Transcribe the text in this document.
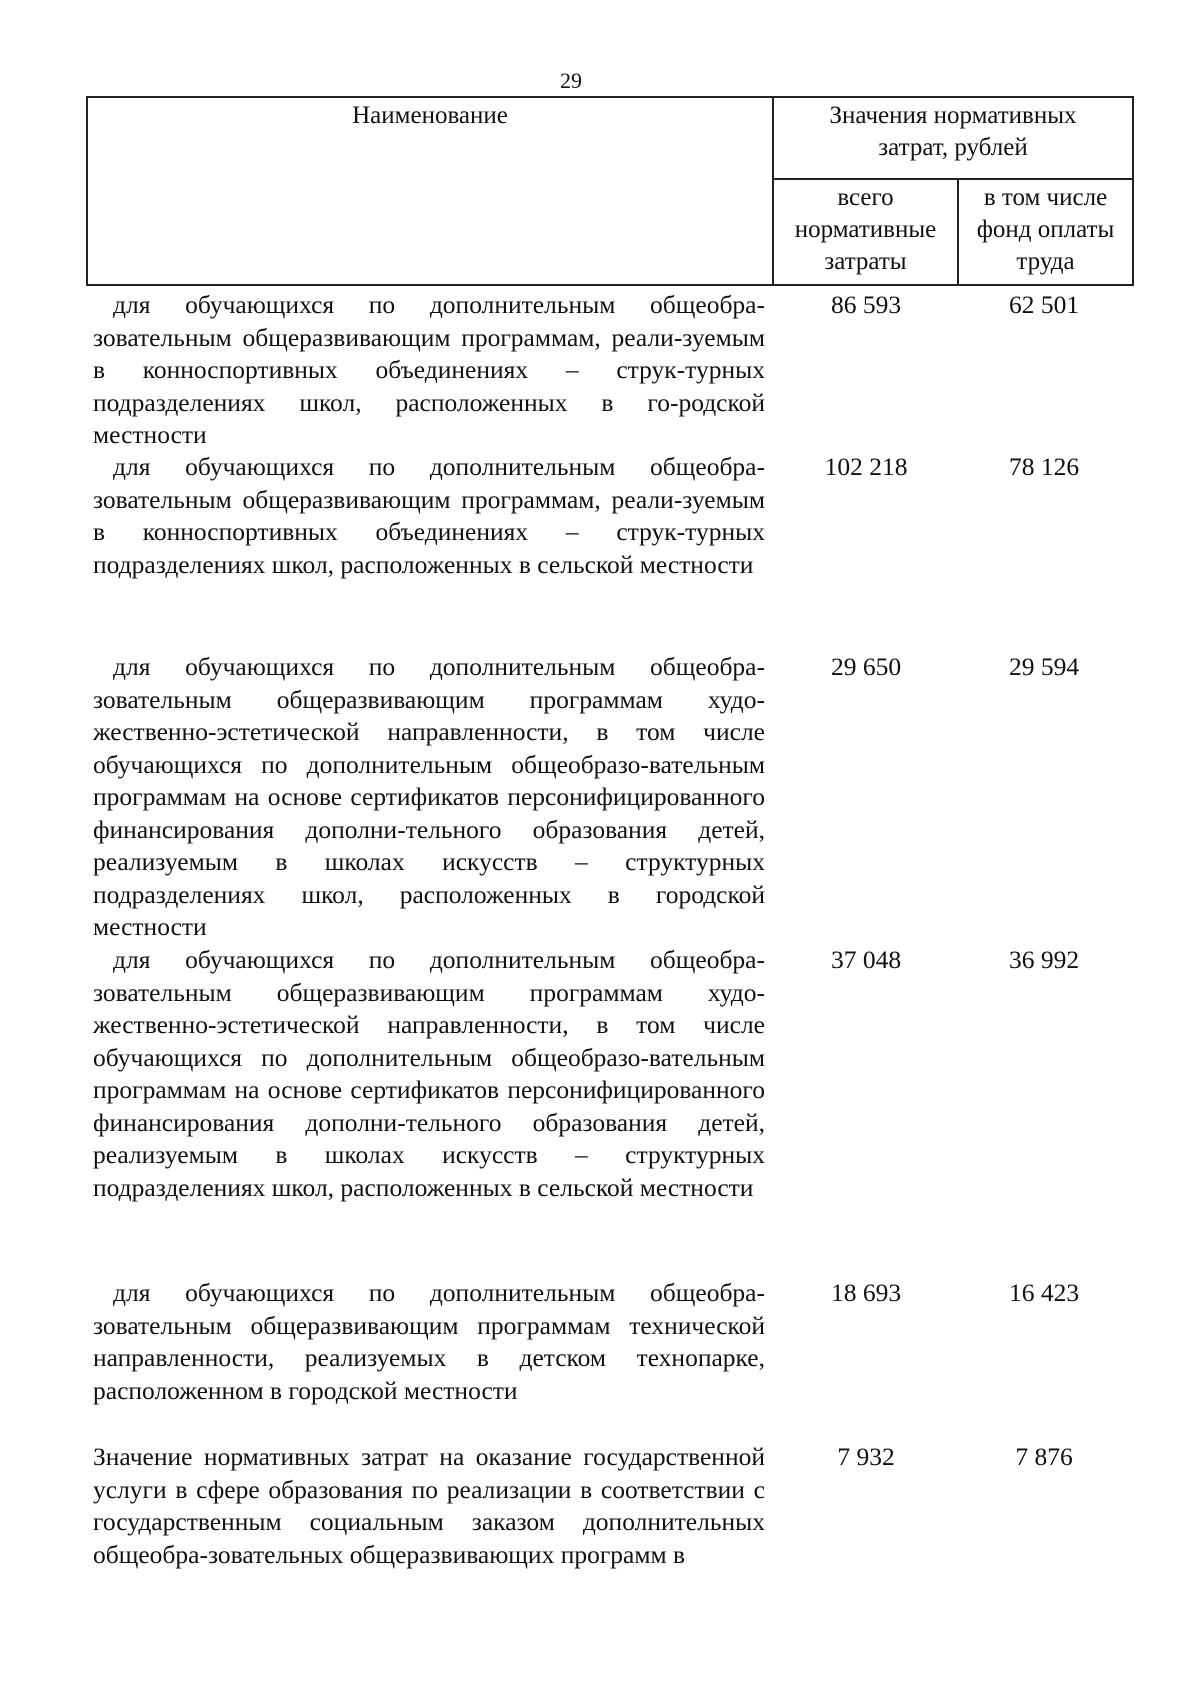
29
Наименование	Значения нормативных затрат, рублей	
	всего нормативные затраты	в том числе фонд оплаты труда
для обучающихся по дополнительным общеобра-зовательным общеразвивающим программам, реали-зуемым в конноспортивных объединениях – струк-турных подразделениях школ, расположенных в го-родской местности
86 593	62 501
для обучающихся по дополнительным общеобра-зовательным общеразвивающим программам, реали-зуемым в конноспортивных объединениях – струк-турных подразделениях школ, расположенных в сельской местности
102 218	78 126
для обучающихся по дополнительным общеобра-зовательным общеразвивающим программам худо-жественно-эстетической направленности, в том числе обучающихся по дополнительным общеобразо-вательным программам на основе сертификатов персонифицированного финансирования дополни-тельного образования детей, реализуемым в школах искусств – структурных подразделениях школ, расположенных в городской местности
29 650	29 594
для обучающихся по дополнительным общеобра-зовательным общеразвивающим программам худо-жественно-эстетической направленности, в том числе обучающихся по дополнительным общеобразо-вательным программам на основе сертификатов персонифицированного финансирования дополни-тельного образования детей, реализуемым в школах искусств – структурных подразделениях школ, расположенных в сельской местности
37 048	36 992
для обучающихся по дополнительным общеобра-зовательным общеразвивающим программам технической направленности, реализуемых в детском технопарке, расположенном в городской местности
18 693	16 423
Значение нормативных затрат на оказание государственной услуги в сфере образования по реализации в соответствии с государственным социальным заказом дополнительных общеобра-зовательных общеразвивающих программ в
7 932	7 876
